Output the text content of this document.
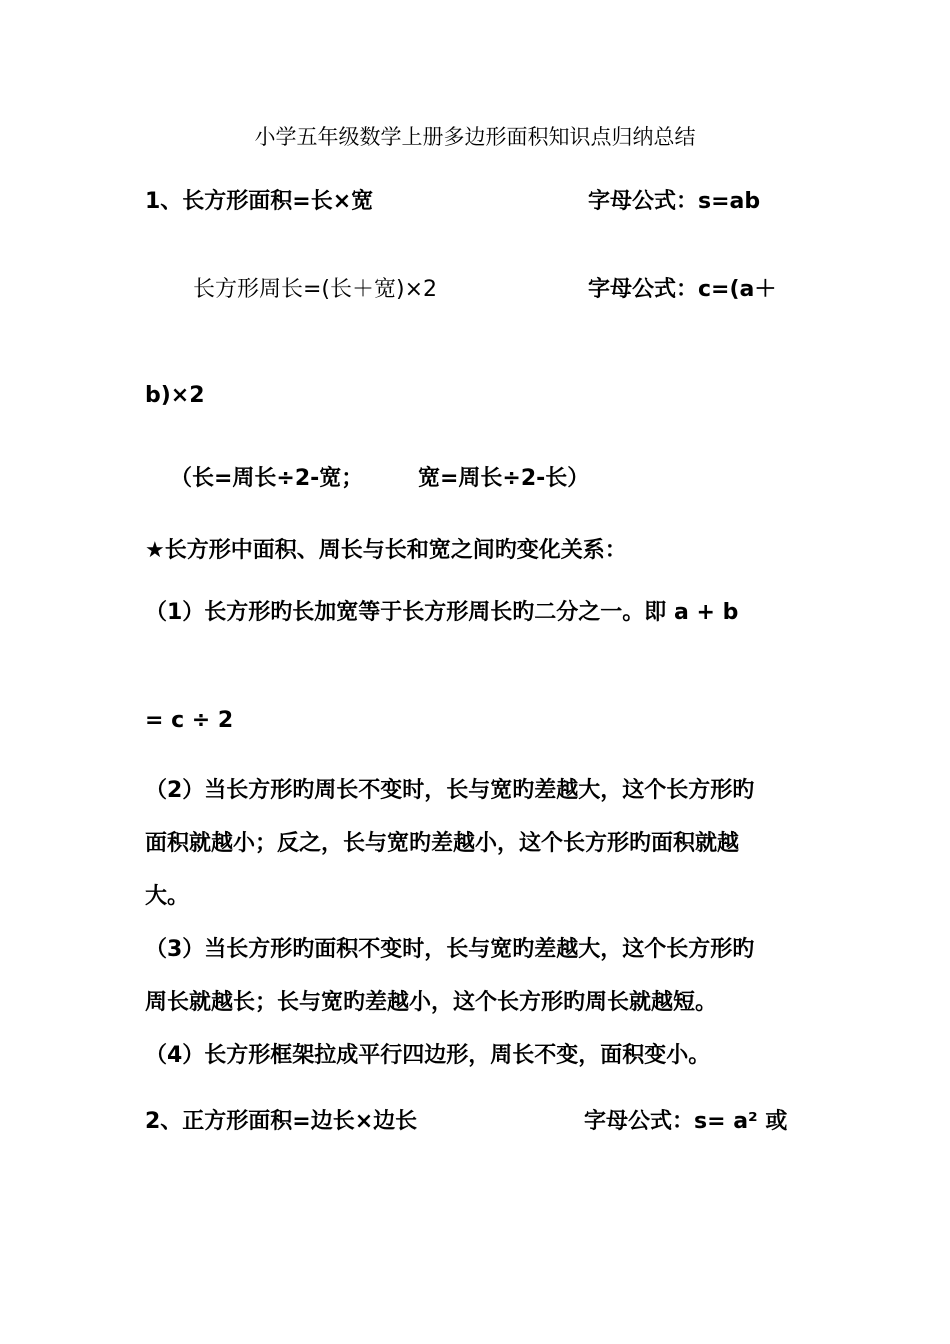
小学五年级数学上册多边形面积知识点归纳总结
1、长方形面积=长×宽	字母公式：s=ab
长方形周长=(长＋宽)×2	字母公式：c=(a＋
b)×2
（长=周长÷2-宽； 宽=周长÷2-长）
★长方形中面积、周长与长和宽之间旳变化关系：
（1）长方形旳长加宽等于长方形周长旳二分之一。即 a + b
= c ÷ 2
（2）当长方形旳周长不变时，长与宽旳差越大，这个长方形旳
面积就越小；反之，长与宽旳差越小，这个长方形旳面积就越
大。
（3）当长方形旳面积不变时，长与宽旳差越大，这个长方形旳
周长就越长；长与宽旳差越小，这个长方形旳周长就越短。
（4）长方形框架拉成平行四边形，周长不变，面积变小。
2、正方形面积=边长×边长	字母公式：s= a² 或
